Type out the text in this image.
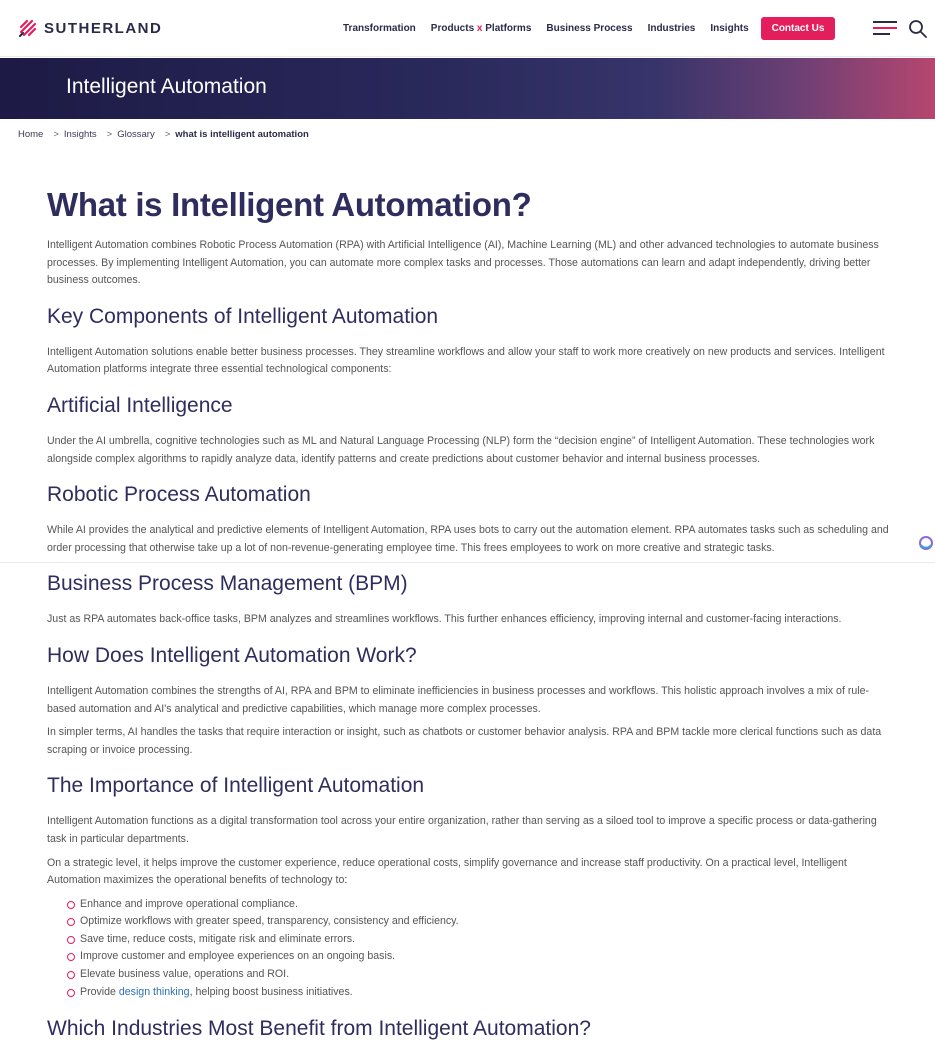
SUTHERLAND	Transformation Products x Platforms Business Process Industries Insights	Contact Us
Intelligent Automation
Home > Insights > Glossary > what is intelligent automation
What is Intelligent Automation?

Intelligent Automation combines Robotic Process Automation (RPA) with Artificial Intelligence (AI), Machine Learning (ML) and other advanced technologies to automate business processes. By implementing Intelligent Automation, you can automate more complex tasks and processes. Those automations can learn and adapt independently, driving better business outcomes.

Key Components of Intelligent Automation

Intelligent Automation solutions enable better business processes. They streamline workflows and allow your staff to work more creatively on new products and services. Intelligent Automation platforms integrate three essential technological components:

Artificial Intelligence

Under the AI umbrella, cognitive technologies such as ML and Natural Language Processing (NLP) form the “decision engine” of Intelligent Automation. These technologies work alongside complex algorithms to rapidly analyze data, identify patterns and create predictions about customer behavior and internal business processes.

Robotic Process Automation

While AI provides the analytical and predictive elements of Intelligent Automation, RPA uses bots to carry out the automation element. RPA automates tasks such as scheduling and order processing that otherwise take up a lot of non-revenue-generating employee time. This frees employees to work on more creative and strategic tasks.

Business Process Management (BPM)

Just as RPA automates back-office tasks, BPM analyzes and streamlines workflows. This further enhances efficiency, improving internal and customer-facing interactions.

How Does Intelligent Automation Work?

Intelligent Automation combines the strengths of AI, RPA and BPM to eliminate inefficiencies in business processes and workflows. This holistic approach involves a mix of rule-based automation and AI's analytical and predictive capabilities, which manage more complex processes.

In simpler terms, AI handles the tasks that require interaction or insight, such as chatbots or customer behavior analysis. RPA and BPM tackle more clerical functions such as data scraping or invoice processing.

The Importance of Intelligent Automation

Intelligent Automation functions as a digital transformation tool across your entire organization, rather than serving as a siloed tool to improve a specific process or data-gathering task in particular departments.

On a strategic level, it helps improve the customer experience, reduce operational costs, simplify governance and increase staff productivity. On a practical level, Intelligent Automation maximizes the operational benefits of technology to:

Enhance and improve operational compliance.
Optimize workflows with greater speed, transparency, consistency and efficiency.
Save time, reduce costs, mitigate risk and eliminate errors.
Improve customer and employee experiences on an ongoing basis.
Elevate business value, operations and ROI.
Provide design thinking, helping boost business initiatives.
Which Industries Most Benefit from Intelligent Automation?
